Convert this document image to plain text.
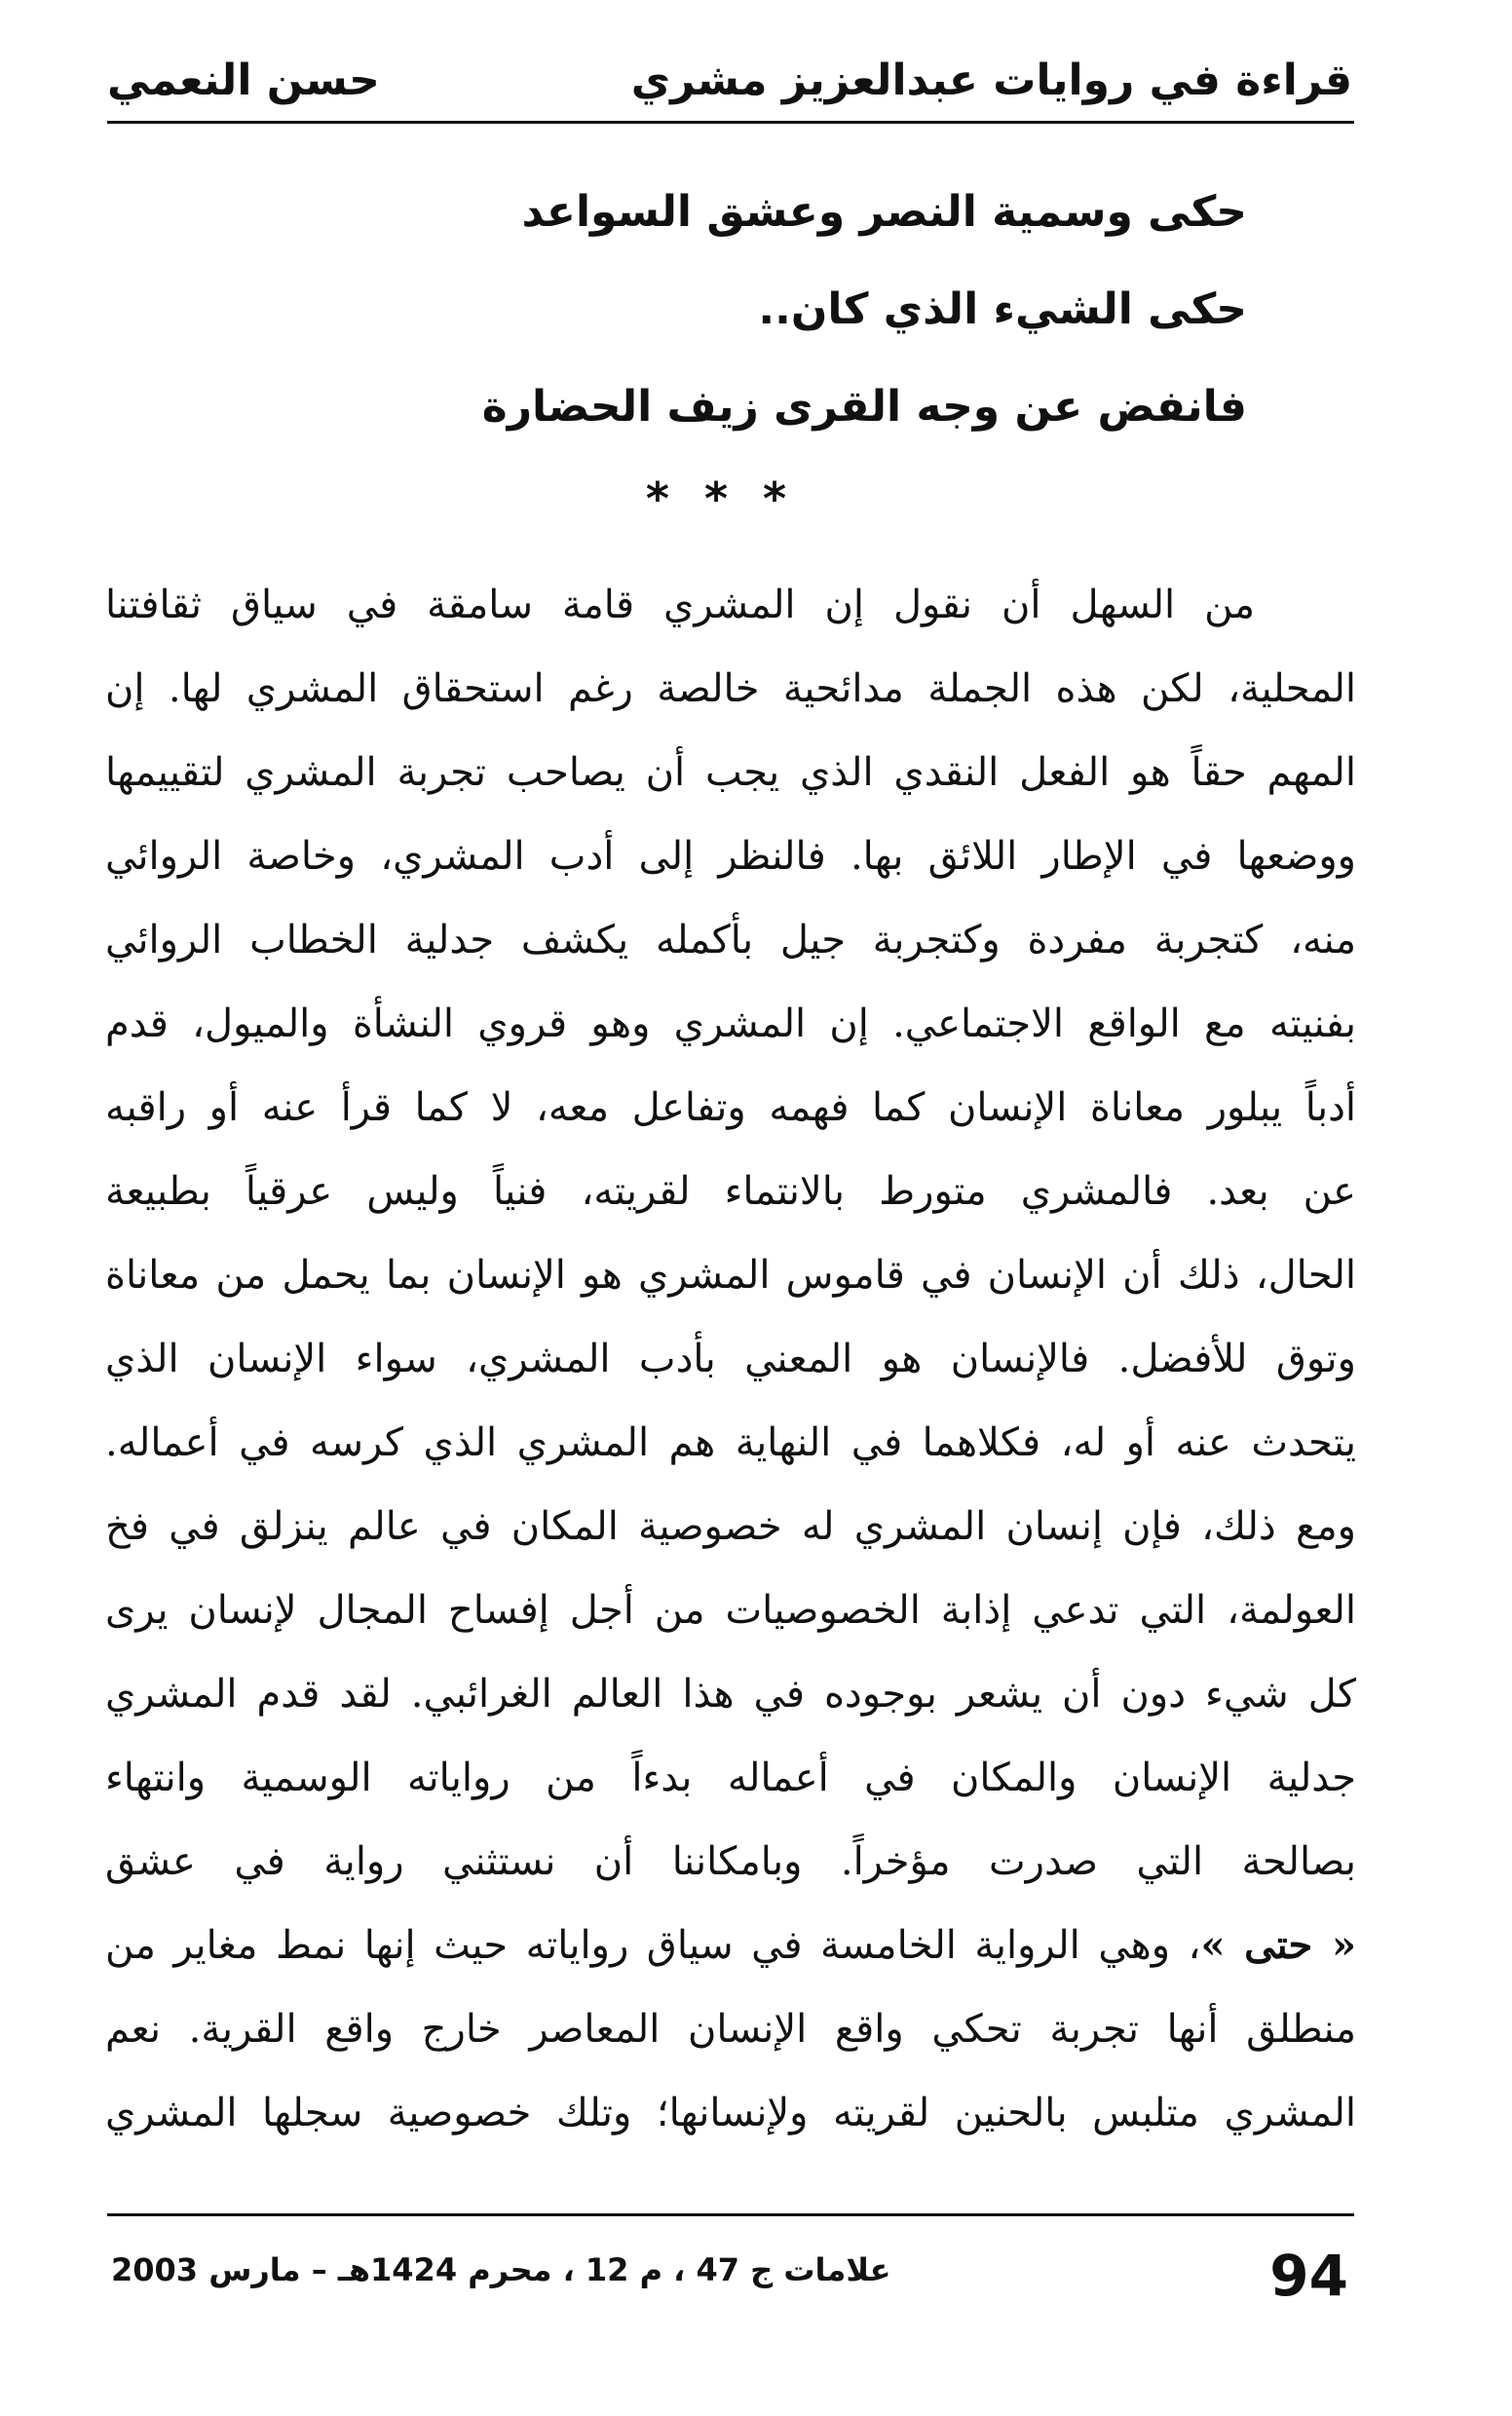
قراءة في روايات عبدالعزيز مشري
حسن النعمي
حكى وسمية النصر وعشق السواعد
حكى الشيء الذي كان..
فانفض عن وجه القرى زيف الحضارة
* * *
من السهل أن نقول إن المشري قامة سامقة في سياق ثقافتنا
المحلية، لكن هذه الجملة مدائحية خالصة رغم استحقاق المشري لها. إن
المهم حقاً هو الفعل النقدي الذي يجب أن يصاحب تجربة المشري لتقييمها
ووضعها في الإطار اللائق بها. فالنظر إلى أدب المشري، وخاصة الروائي
منه، كتجربة مفردة وكتجربة جيل بأكمله يكشف جدلية الخطاب الروائي
بفنيته مع الواقع الاجتماعي. إن المشري وهو قروي النشأة والميول، قدم
أدباً يبلور معاناة الإنسان كما فهمه وتفاعل معه، لا كما قرأ عنه أو راقبه
عن بعد. فالمشري متورط بالانتماء لقريته، فنياً وليس عرقياً بطبيعة
الحال، ذلك أن الإنسان في قاموس المشري هو الإنسان بما يحمل من معاناة
وتوق للأفضل. فالإنسان هو المعني بأدب المشري، سواء الإنسان الذي
يتحدث عنه أو له، فكلاهما في النهاية هم المشري الذي كرسه في أعماله.
ومع ذلك، فإن إنسان المشري له خصوصية المكان في عالم ينزلق في فخ
العولمة، التي تدعي إذابة الخصوصيات من أجل إفساح المجال لإنسان يرى
كل شيء دون أن يشعر بوجوده في هذا العالم الغرائبي. لقد قدم المشري
جدلية الإنسان والمكان في أعماله بدءاً من رواياته الوسمية وانتهاء
بصالحة التي صدرت مؤخراً. وبامكاننا أن نستثني رواية في عشق
« حتى »، وهي الرواية الخامسة في سياق رواياته حيث إنها نمط مغاير من
منطلق أنها تجربة تحكي واقع الإنسان المعاصر خارج واقع القرية. نعم
المشري متلبس بالحنين لقريته ولإنسانها؛ وتلك خصوصية سجلها المشري
علامات ج 47 ، م 12 ، محرم 1424هـ – مارس 2003	94
